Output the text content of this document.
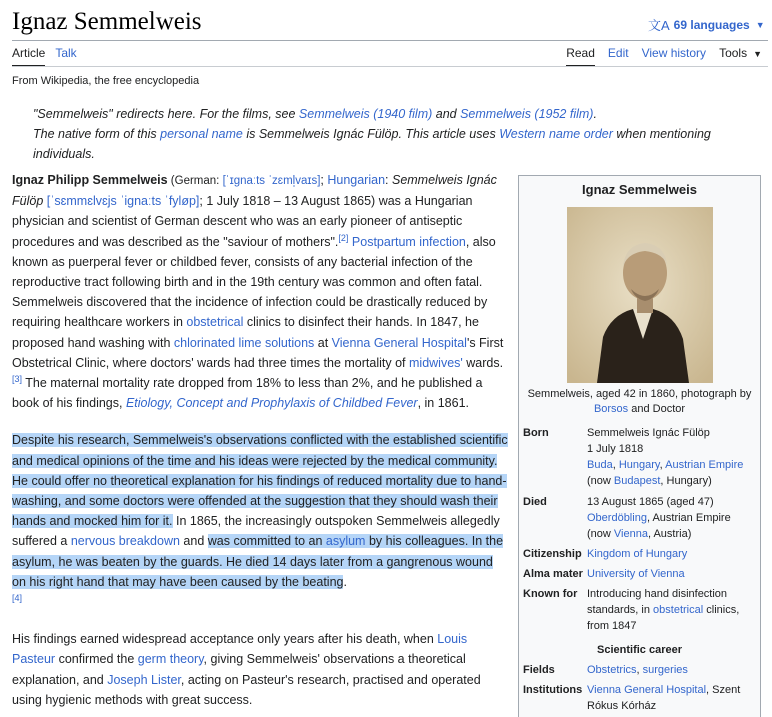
Ignaz Semmelweis	文A 69 languages ▼
Article Talk	Read Edit View history Tools ▼
From Wikipedia, the free encyclopedia
"Semmelweis" redirects here. For the films, see Semmelweis (1940 film) and Semmelweis (1952 film).
The native form of this personal name is Semmelweis Ignác Fülöp. This article uses Western name order when mentioning individuals.

Ignaz Philipp Semmelweis (German: [ˈɪɡnaːts ˈzɛml̩vaɪs]; Hungarian: Semmelweis Ignác Fülöp [ˈsɛmmɛlvɛjs ˈiɡnaːts ˈfyløp]; 1 July 1818 – 13 August 1865) was a Hungarian physician and scientist of German descent who was an early pioneer of antiseptic procedures and was described as the "saviour of mothers".[2] Postpartum infection, also known as puerperal fever or childbed fever, consists of any bacterial infection of the reproductive tract following birth and in the 19th century was common and often fatal. Semmelweis discovered that the incidence of infection could be drastically reduced by requiring healthcare workers in obstetrical clinics to disinfect their hands. In 1847, he proposed hand washing with chlorinated lime solutions at Vienna General Hospital's First Obstetrical Clinic, where doctors' wards had three times the mortality of midwives' wards.[3] The maternal mortality rate dropped from 18% to less than 2%, and he published a book of his findings, Etiology, Concept and Prophylaxis of Childbed Fever, in 1861.

Despite his research, Semmelweis's observations conflicted with the established scientific and medical opinions of the time and his ideas were rejected by the medical community. He could offer no theoretical explanation for his findings of reduced mortality due to hand-washing, and some doctors were offended at the suggestion that they should wash their hands and mocked him for it. In 1865, the increasingly outspoken Semmelweis allegedly suffered a nervous breakdown and was committed to an asylum by his colleagues. In the asylum, he was beaten by the guards. He died 14 days later from a gangrenous wound on his right hand that may have been caused by the beating.
[4]

His findings earned widespread acceptance only years after his death, when Louis Pasteur confirmed the germ theory, giving Semmelweis' observations a theoretical explanation, and Joseph Lister, acting on Pasteur's research, practised and operated using hygienic methods with great success.

Ignaz Semmelweis
Semmelweis, aged 42 in 1860, photograph by Borsos and Doctor
Born	Semmelweis Ignác Fülöp
1 July 1818
Buda, Hungary, Austrian Empire
(now Budapest, Hungary)
Died	13 August 1865 (aged 47)
Oberdöbling, Austrian Empire
(now Vienna, Austria)
Citizenship Kingdom of Hungary
Alma mater University of Vienna
Known for Introducing hand disinfection standards, in obstetrical clinics, from 1847
Scientific career
Fields	Obstetrics, surgeries
Institutions Vienna General Hospital, Szent Rókus Kórház
